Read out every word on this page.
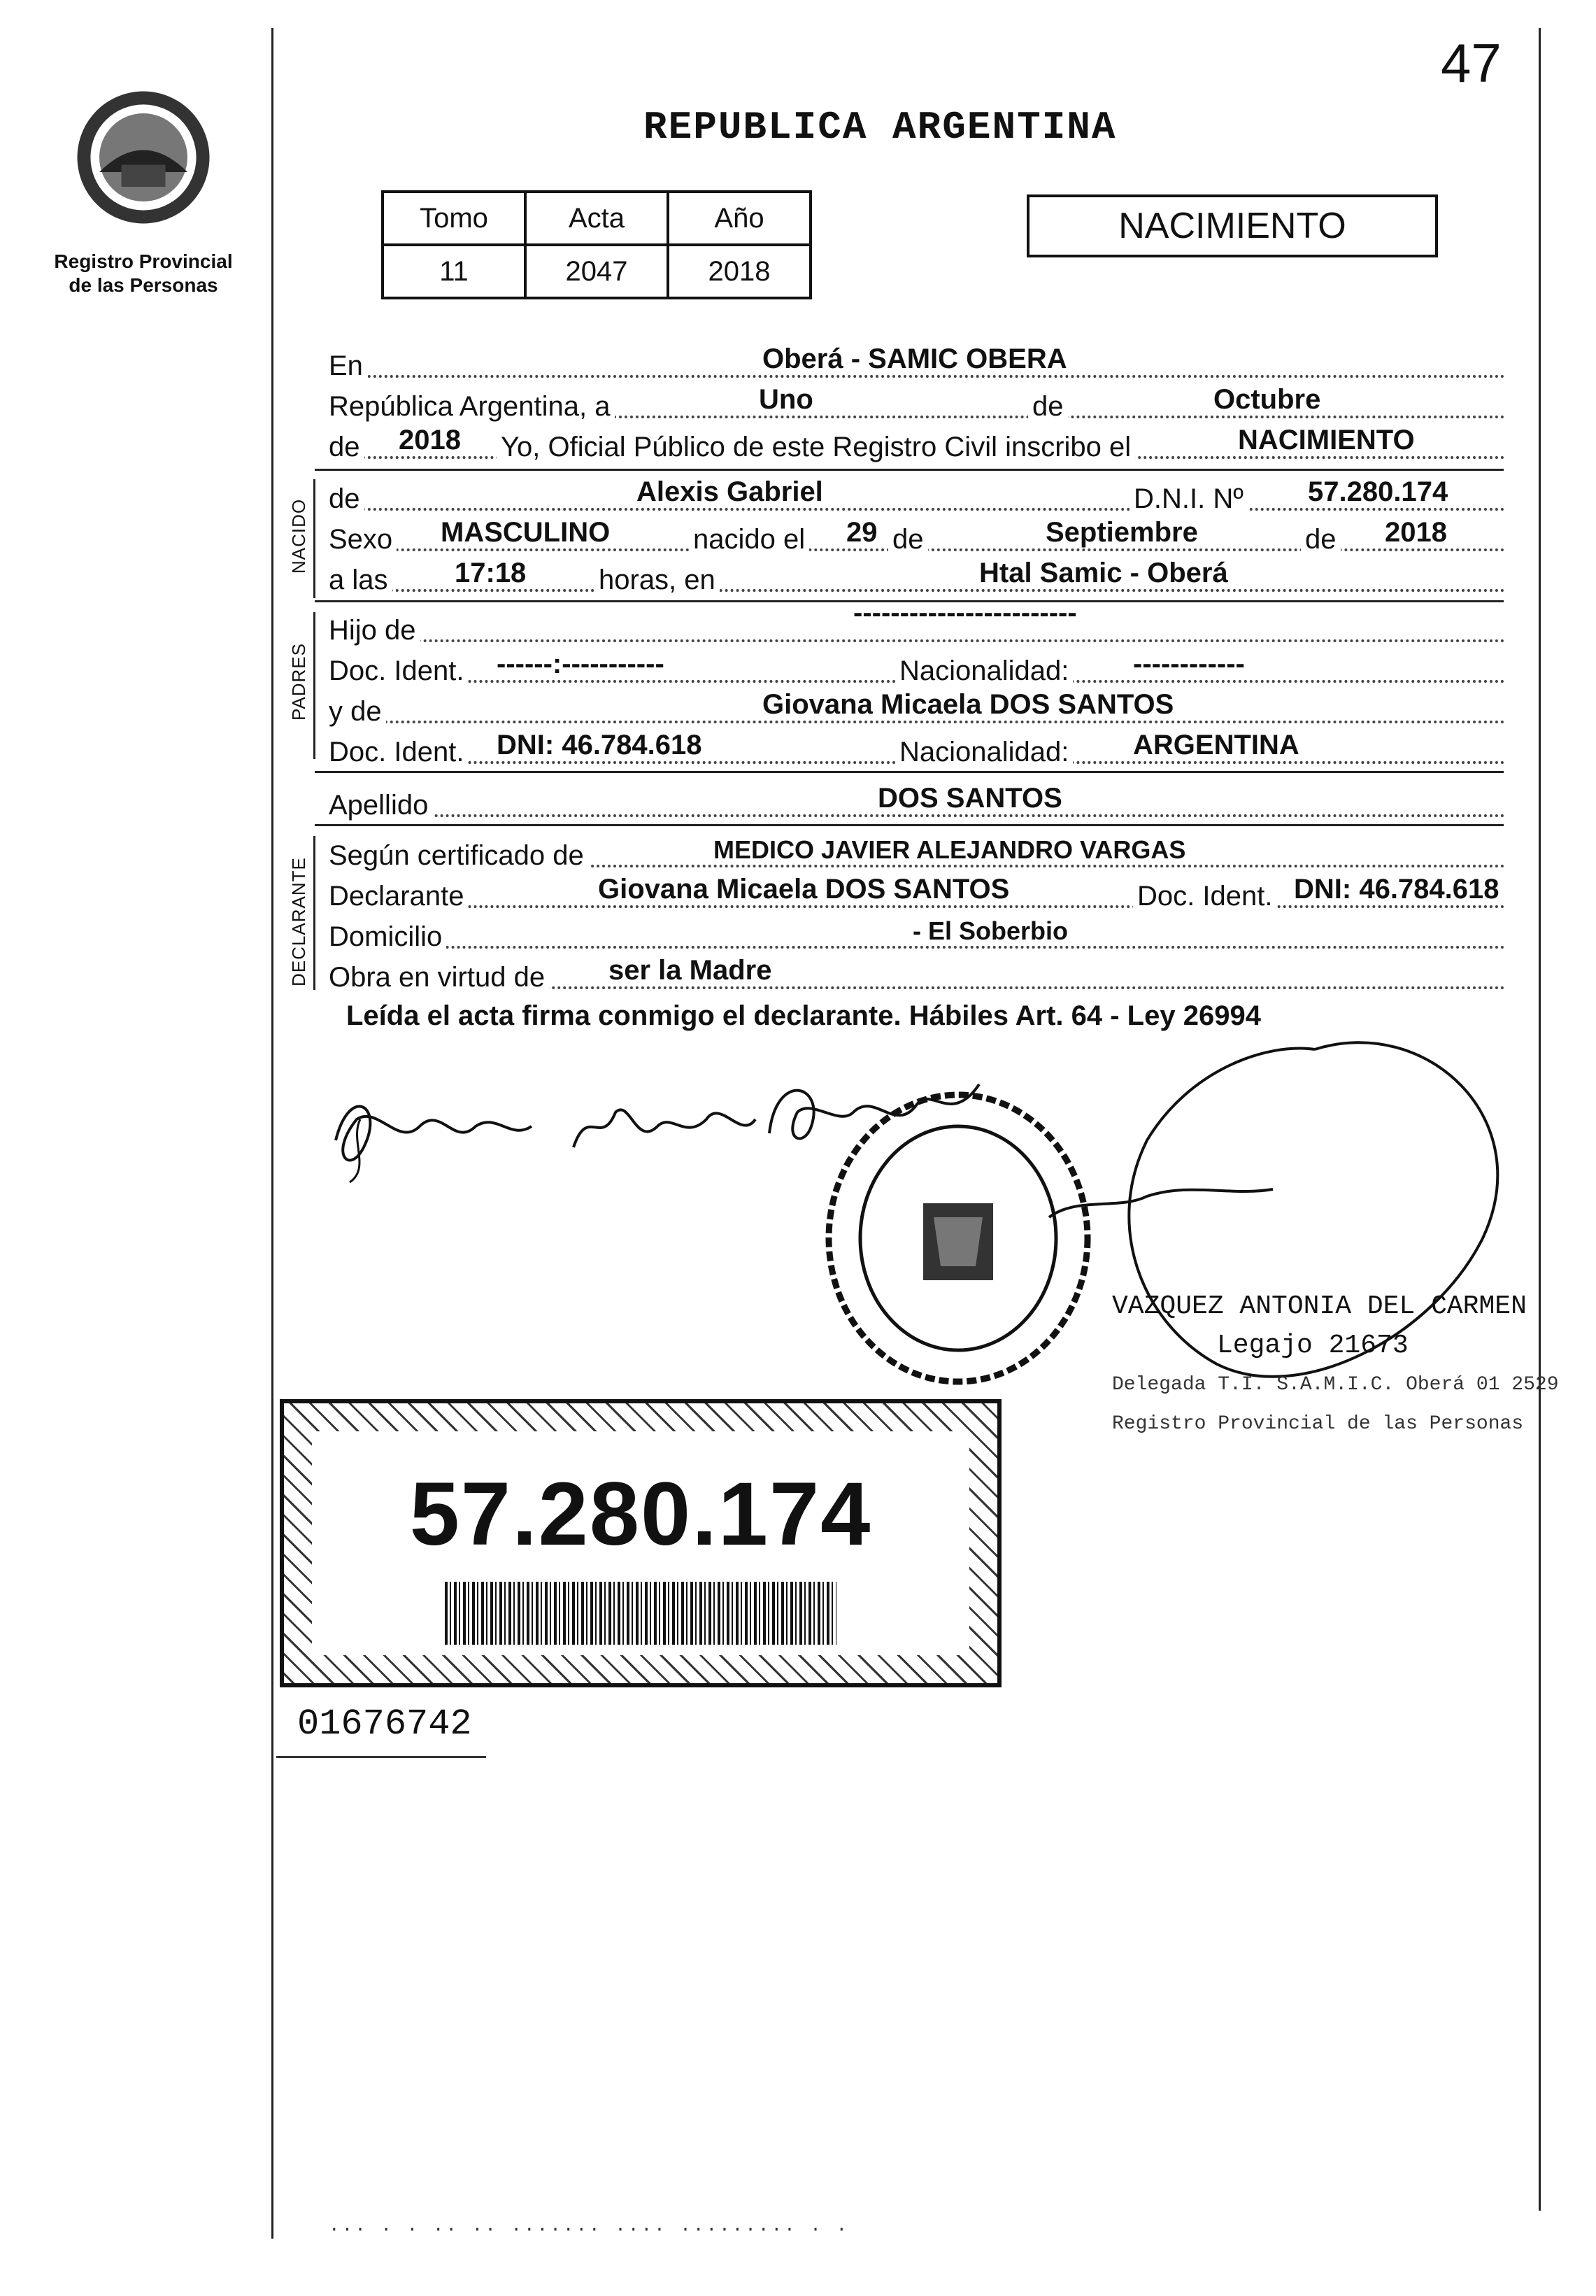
47
Registro Provincial
de las Personas
REPUBLICA ARGENTINA
Tomo	Acta	Año
11	2047	2018
NACIMIENTO
En	Oberá - SAMIC OBERA
República Argentina, a	Uno	de	Octubre
de 2018 Yo, Oficial Público de este Registro Civil inscribo el	NACIMIENTO
NACIDO de	Alexis Gabriel	D.N.I. Nº 57.280.174
Sexo MASCULINO	nacido el 29 de	Septiembre	de 2018
a las 17:18	horas, en	Htal Samic - Oberá
PADRES
Hijo de
------------------------
Doc. Ident. ------:-----------	Nacionalidad: ------------
y de	Giovana Micaela DOS SANTOS
Doc. Ident. DNI: 46.784.618	Nacionalidad: ARGENTINA
Apellido	DOS SANTOS
DECLARANTE
Según certificado de	MEDICO JAVIER ALEJANDRO VARGAS
Declarante	Giovana Micaela DOS SANTOS	Doc. Ident. DNI: 46.784.618
Domicilio	- El Soberbio
Obra en virtud de ser la Madre
Leída el acta firma conmigo el declarante. Hábiles Art. 64 - Ley 26994
VAZQUEZ ANTONIA DEL CARMEN
Legajo 21673
Delegada T.I. S.A.M.I.C. Oberá 01 2529
Registro Provincial de las Personas
57.280.174
01676742
··· · · ·· ·· ······· ···· ········· · ·
